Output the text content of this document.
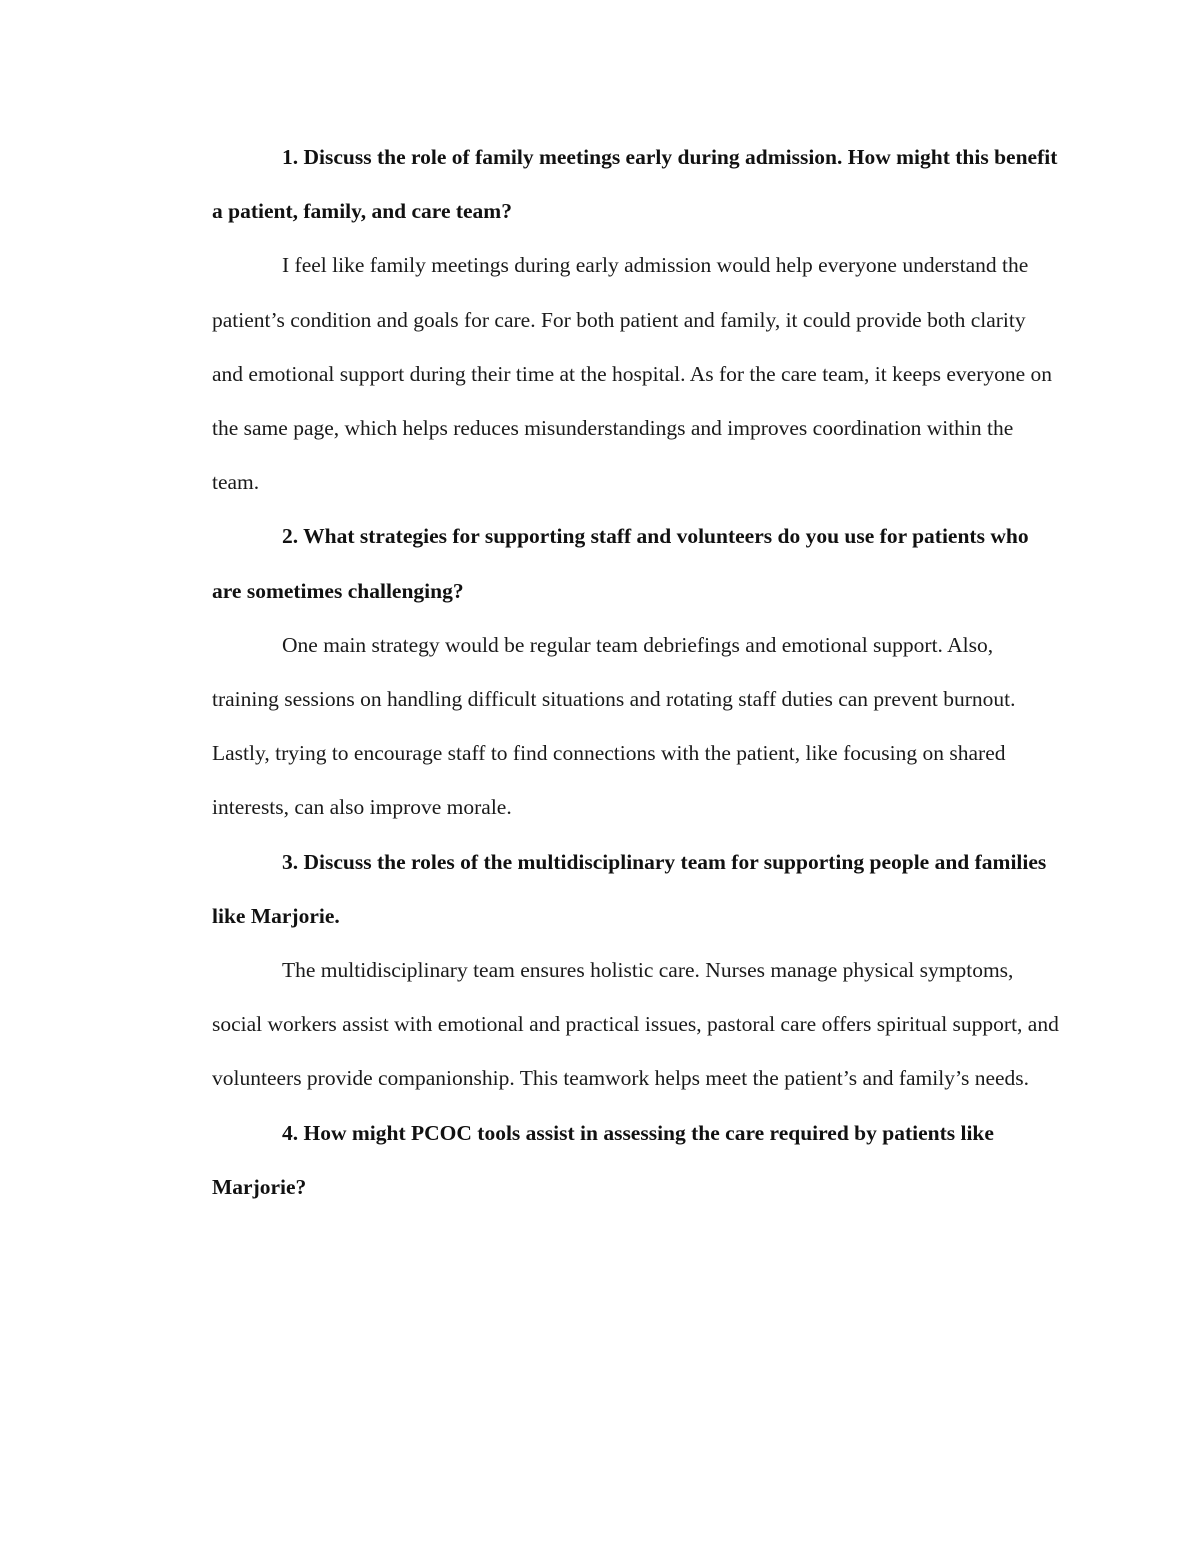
1. Discuss the role of family meetings early during admission. How might this benefit a patient, family, and care team?

I feel like family meetings during early admission would help everyone understand the patient’s condition and goals for care. For both patient and family, it could provide both clarity and emotional support during their time at the hospital. As for the care team, it keeps everyone on the same page, which helps reduces misunderstandings and improves coordination within the team.

2. What strategies for supporting staff and volunteers do you use for patients who are sometimes challenging?

One main strategy would be regular team debriefings and emotional support. Also, training sessions on handling difficult situations and rotating staff duties can prevent burnout. Lastly, trying to encourage staff to find connections with the patient, like focusing on shared interests, can also improve morale.

3. Discuss the roles of the multidisciplinary team for supporting people and families like Marjorie.

The multidisciplinary team ensures holistic care. Nurses manage physical symptoms, social workers assist with emotional and practical issues, pastoral care offers spiritual support, and volunteers provide companionship. This teamwork helps meet the patient’s and family’s needs.

4. How might PCOC tools assist in assessing the care required by patients like Marjorie?
